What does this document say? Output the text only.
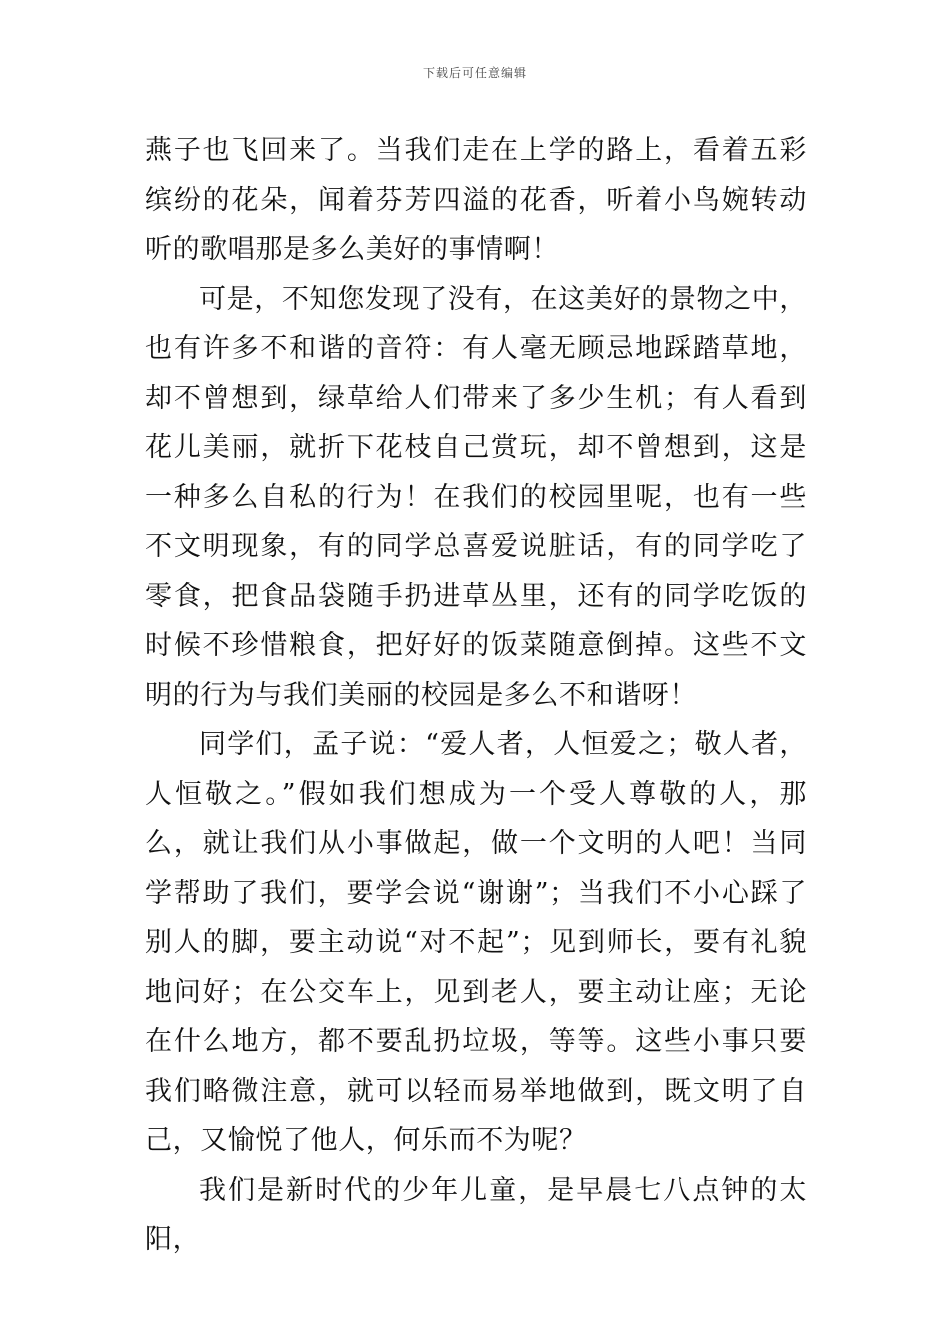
下载后可任意编辑

燕子也飞回来了。当我们走在上学的路上，看着五彩缤纷的花朵，闻着芬芳四溢的花香，听着小鸟婉转动听的歌唱那是多么美好的事情啊！

可是，不知您发现了没有，在这美好的景物之中，也有许多不和谐的音符：有人毫无顾忌地踩踏草地，却不曾想到，绿草给人们带来了多少生机；有人看到花儿美丽，就折下花枝自己赏玩，却不曾想到，这是一种多么自私的行为！在我们的校园里呢，也有一些不文明现象，有的同学总喜爱说脏话，有的同学吃了零食，把食品袋随手扔进草丛里，还有的同学吃饭的时候不珍惜粮食，把好好的饭菜随意倒掉。这些不文明的行为与我们美丽的校园是多么不和谐呀！

同学们，孟子说：“爱人者，人恒爱之；敬人者，人恒敬之。”假如我们想成为一个受人尊敬的人，那么，就让我们从小事做起，做一个文明的人吧！当同学帮助了我们，要学会说“谢谢”；当我们不小心踩了别人的脚，要主动说“对不起”；见到师长，要有礼貌地问好；在公交车上，见到老人，要主动让座；无论在什么地方，都不要乱扔垃圾，等等。这些小事只要我们略微注意，就可以轻而易举地做到，既文明了自己，又愉悦了他人，何乐而不为呢？

我们是新时代的少年儿童，是早晨七八点钟的太阳，
